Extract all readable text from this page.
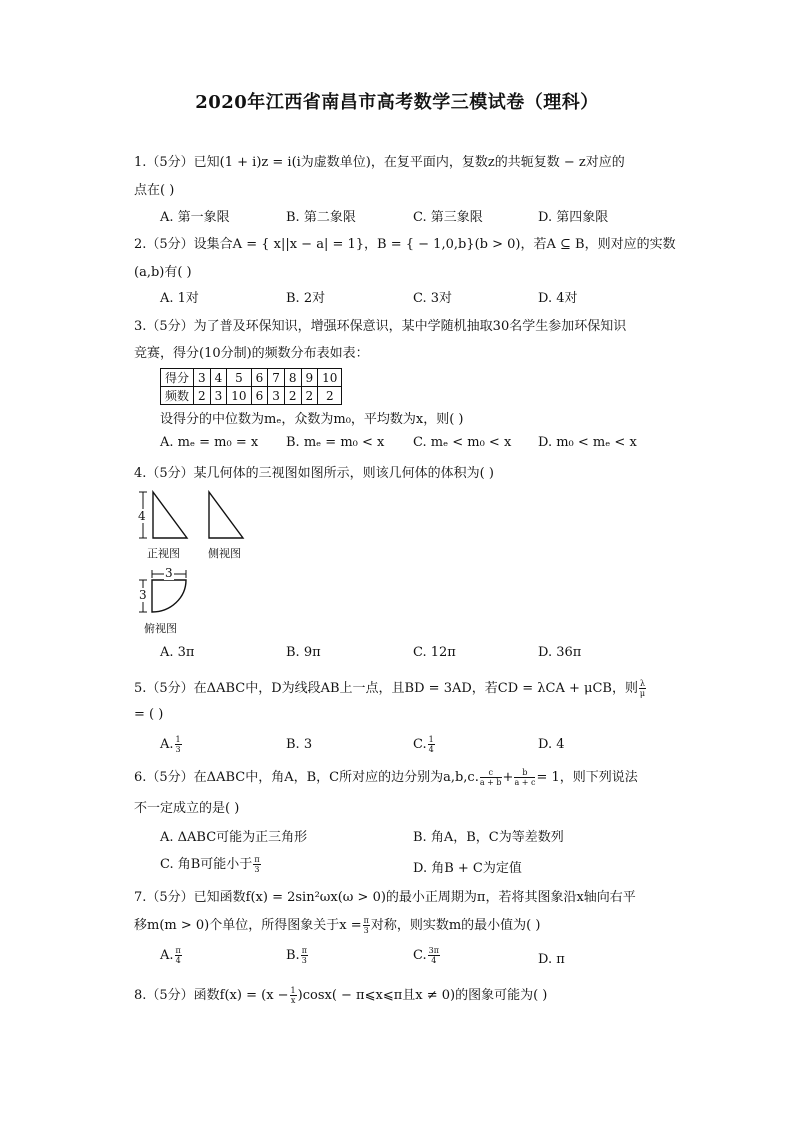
2020年江西省南昌市高考数学三模试卷（理科）
1.（5分）已知(1 + i)z = i(i为虚数单位)，在复平面内，复数z的共轭复数 − z对应的
点在( )
A. 第一象限	B. 第二象限	C. 第三象限	D. 第四象限
2.（5分）设集合A = { x||x − a| = 1}，B = { − 1,0,b}(b > 0)，若A ⊆ B，则对应的实数
(a,b)有( )
A. 1对	B. 2对	C. 3对	D. 4对
3.（5分）为了普及环保知识，增强环保意识，某中学随机抽取30名学生参加环保知识
竞赛，得分(10分制)的频数分布表如表：
得分	3	4	5	6	7	8	9	10
频数	2	3	10	6	3	2	2	2
设得分的中位数为mₑ，众数为m₀，平均数为x，则( )
A. mₑ = m₀ = x B. mₑ = m₀ < x C. mₑ < m₀ < x D. m₀ < mₑ < x
4.（5分）某几何体的三视图如图所示，则该几何体的体积为( )
4
正视图	侧视图
3
3
俯视图
A. 3π	B. 9π	C. 12π	D. 36π
5.（5分）在ΔABC中，D为线段AB上一点，且BD = 3AD，若CD = λCA + μCB，则 $\frac{\lambda}{\mu}$
= ( )
A. $\frac{1}{3}$	B. 3	C. $\frac{1}{4}$	D. 4
6.（5分）在ΔABC中，角A，B，C所对应的边分别为a,b,c. $\frac{c}{a + b} + \frac{b}{a + c} = 1$，则下列说法
不一定成立的是( )
A. ΔABC可能为正三角形	B. 角A，B，C为等差数列
C. 角B可能小于 $\frac{\pi}{3}$	D. 角B + C为定值
7.（5分）已知函数f(x) = 2sin²ωx(ω > 0)的最小正周期为π，若将其图象沿x轴向右平
移m(m > 0)个单位，所得图象关于$x = \frac{\pi}{3}$ 对称，则实数m的最小值为( )
A. $\frac{\pi}{4}$	B. $\frac{\pi}{3}$	C. $\frac{3\pi}{4}$	D. π
8.（5分）函数$f(x) = (x - \frac{1}{x} )\cos x$( − π⩽x⩽π且x ≠ 0)的图象可能为( )
